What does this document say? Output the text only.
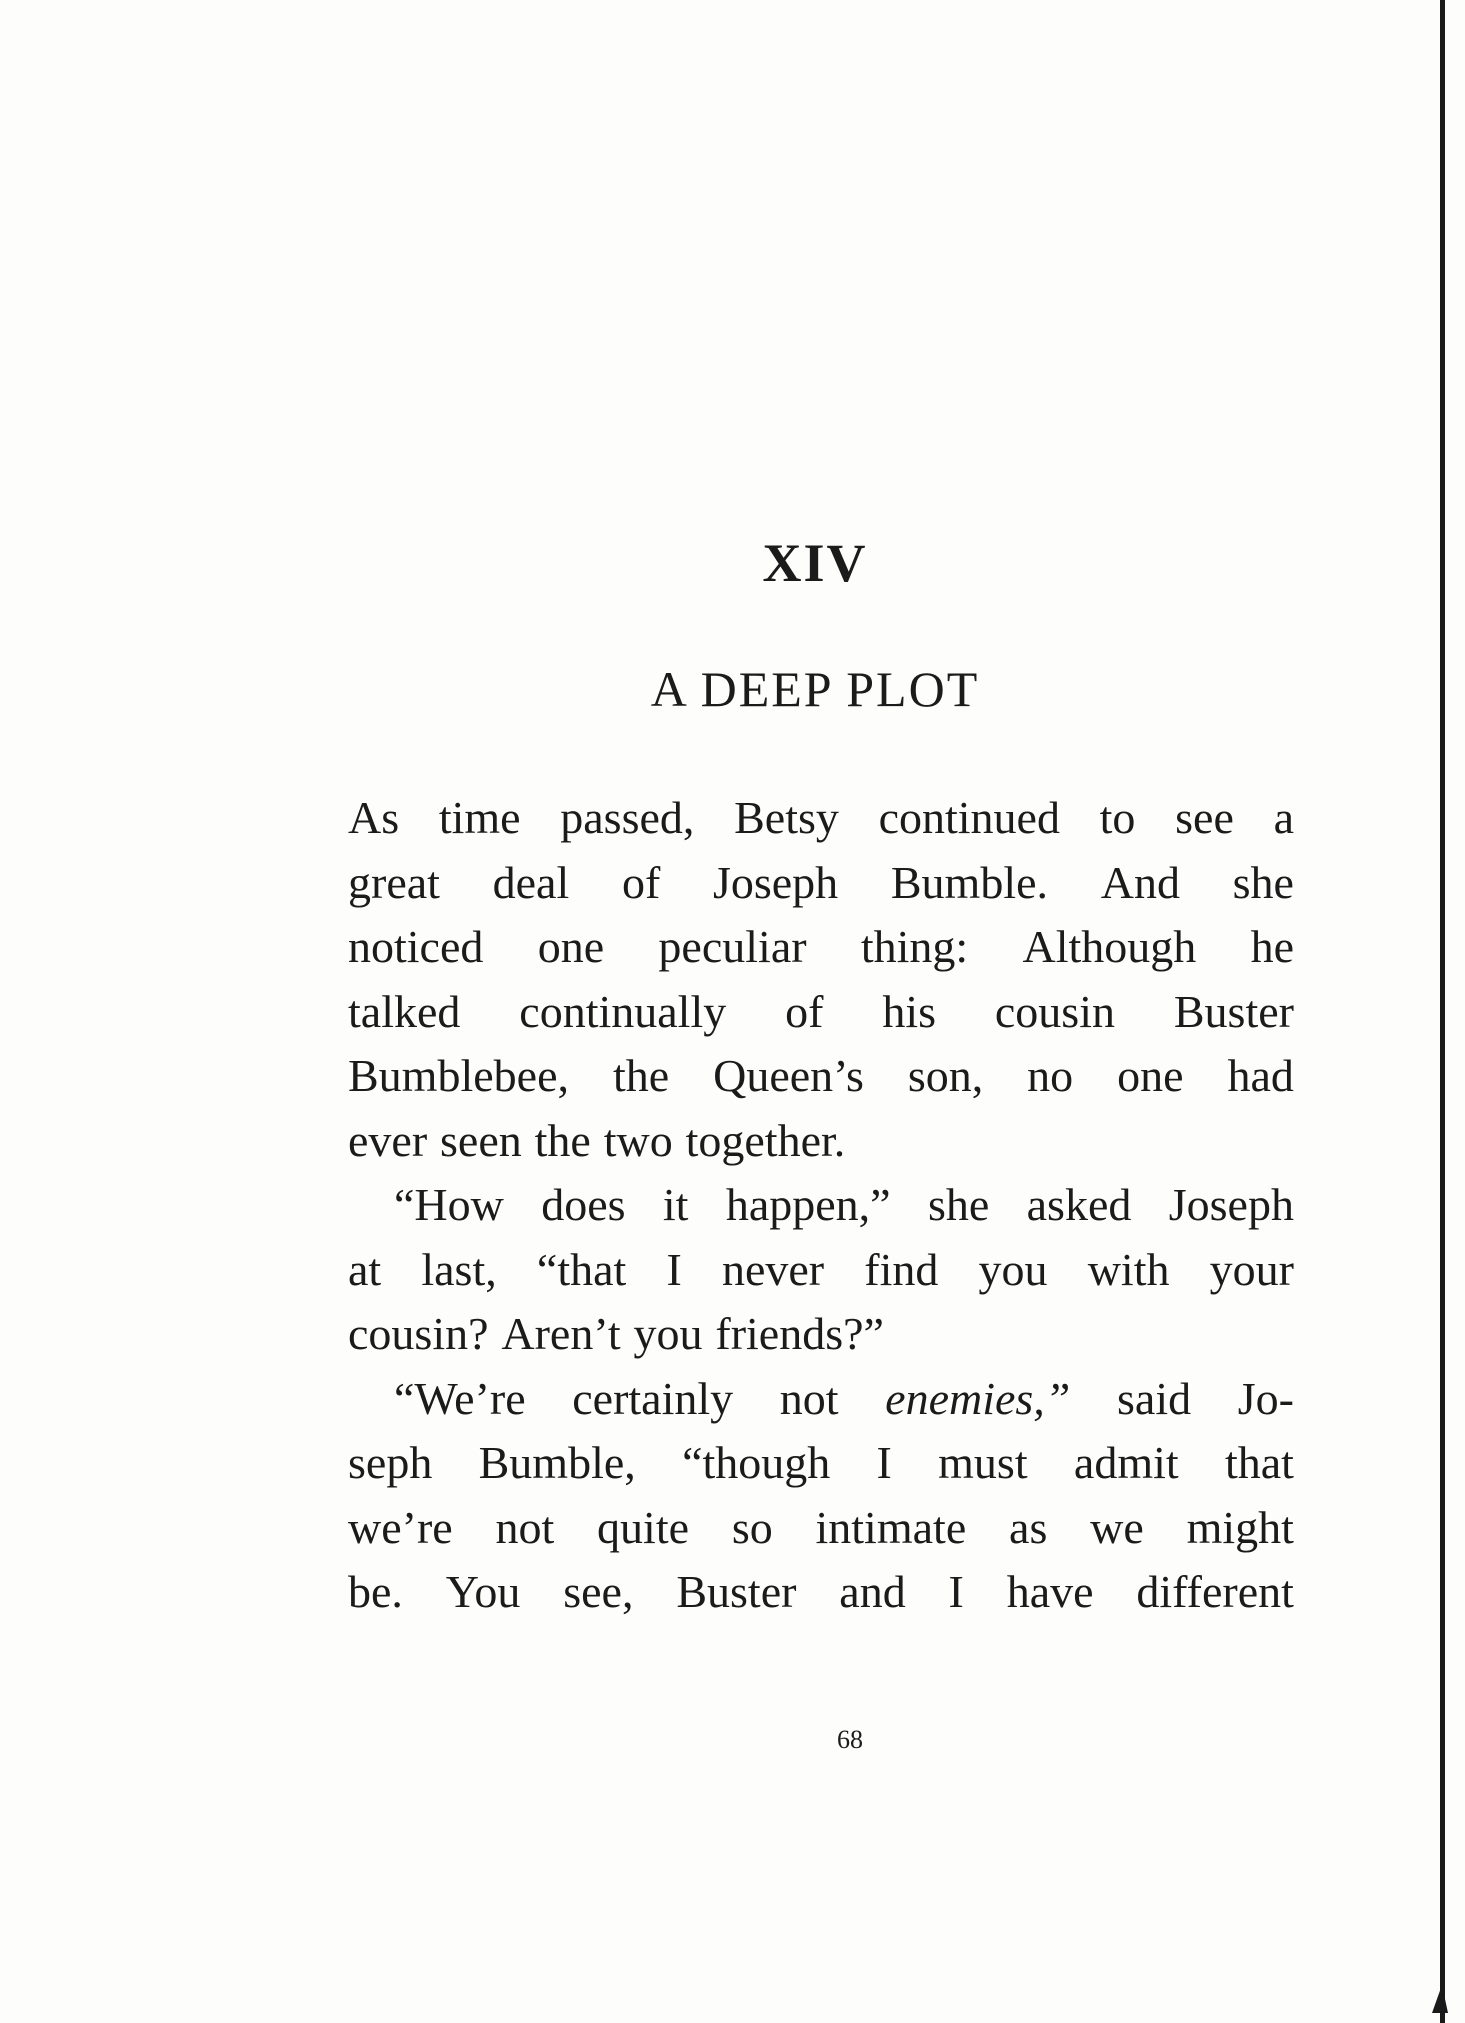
XIV
A DEEP PLOT
As time passed, Betsy continued to see a
great deal of Joseph Bumble. And she
noticed one peculiar thing: Although he
talked continually of his cousin Buster
Bumblebee, the Queen’s son, no one had
ever seen the two together.
“How does it happen,” she asked Joseph
at last, “that I never find you with your
cousin? Aren’t you friends?”
“We’re certainly not enemies,” said Jo-
seph Bumble, “though I must admit that
we’re not quite so intimate as we might
be. You see, Buster and I have different
68
